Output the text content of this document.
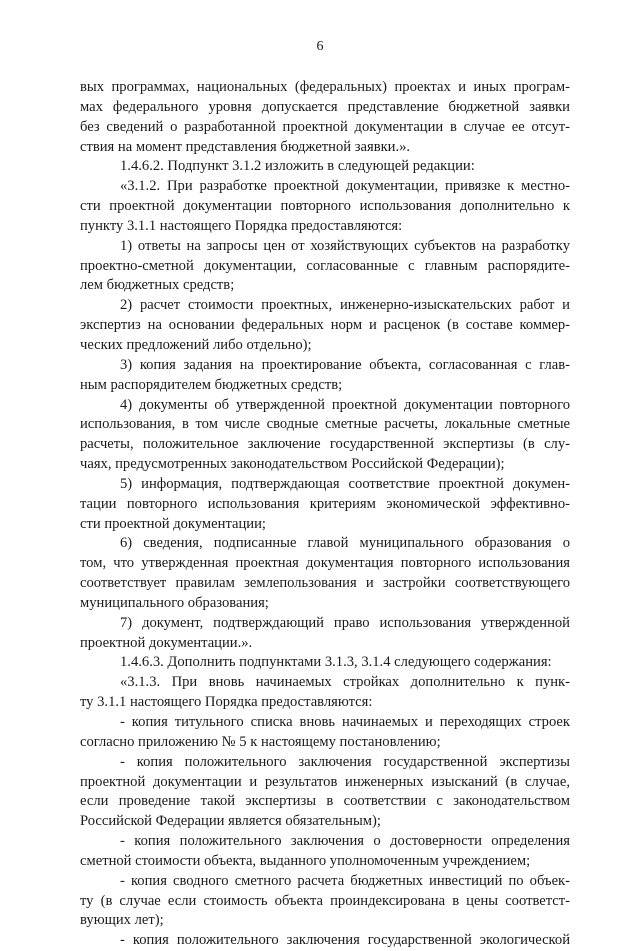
6
вых программах, национальных (федеральных) проектах и иных програм-
мах федерального уровня допускается представление бюджетной заявки
без сведений о разработанной проектной документации в случае ее отсут-
ствия на момент представления бюджетной заявки.».
1.4.6.2. Подпункт 3.1.2 изложить в следующей редакции:
«3.1.2. При разработке проектной документации, привязке к местно-
сти проектной документации повторного использования дополнительно к
пункту 3.1.1 настоящего Порядка предоставляются:
1) ответы на запросы цен от хозяйствующих субъектов на разработку
проектно-сметной документации, согласованные с главным распорядите-
лем бюджетных средств;
2) расчет стоимости проектных, инженерно-изыскательских работ и
экспертиз на основании федеральных норм и расценок (в составе коммер-
ческих предложений либо отдельно);
3) копия задания на проектирование объекта, согласованная с глав-
ным распорядителем бюджетных средств;
4) документы об утвержденной проектной документации повторного
использования, в том числе сводные сметные расчеты, локальные сметные
расчеты, положительное заключение государственной экспертизы (в слу-
чаях, предусмотренных законодательством Российской Федерации);
5) информация, подтверждающая соответствие проектной докумен-
тации повторного использования критериям экономической эффективно-
сти проектной документации;
6) сведения, подписанные главой муниципального образования о
том, что утвержденная проектная документация повторного использования
соответствует правилам землепользования и застройки соответствующего
муниципального образования;
7) документ, подтверждающий право использования утвержденной
проектной документации.».
1.4.6.3. Дополнить подпунктами 3.1.3, 3.1.4 следующего содержания:
«3.1.3. При вновь начинаемых стройках дополнительно к пунк-
ту 3.1.1 настоящего Порядка предоставляются:
- копия титульного списка вновь начинаемых и переходящих строек
согласно приложению № 5 к настоящему постановлению;
- копия положительного заключения государственной экспертизы
проектной документации и результатов инженерных изысканий (в случае,
если проведение такой экспертизы в соответствии с законодательством
Российской Федерации является обязательным);
- копия положительного заключения о достоверности определения
сметной стоимости объекта, выданного уполномоченным учреждением;
- копия сводного сметного расчета бюджетных инвестиций по объек-
ту (в случае если стоимость объекта проиндексирована в цены соответст-
вующих лет);
- копия положительного заключения государственной экологической
